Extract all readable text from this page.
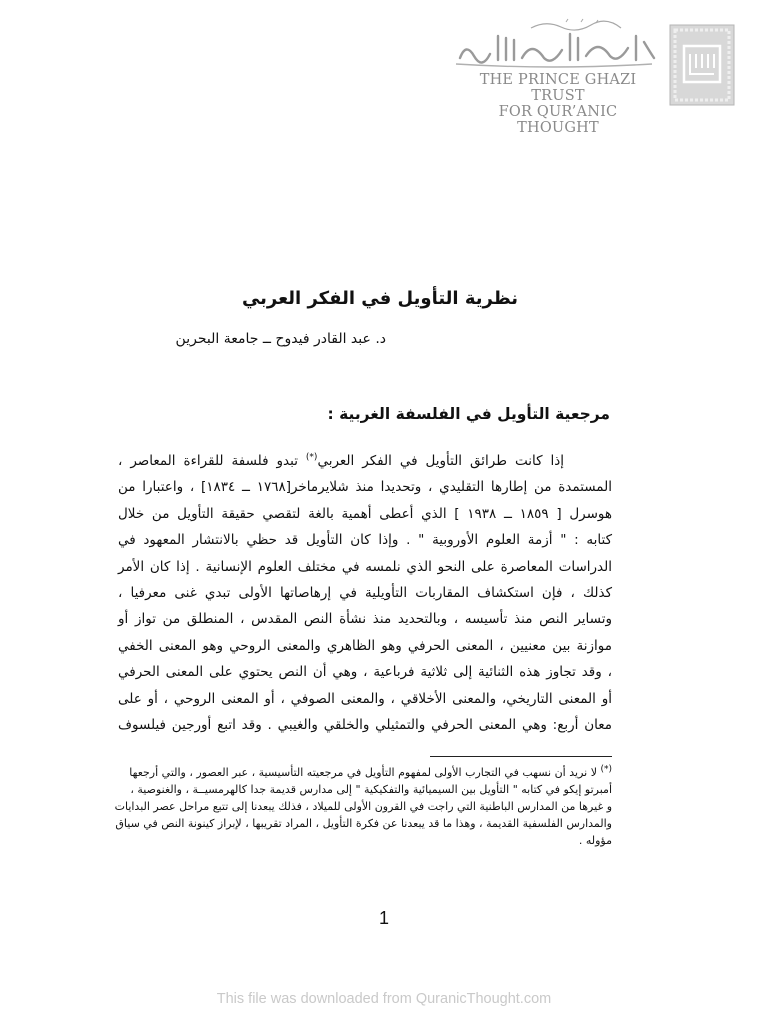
THE PRINCE GHAZI TRUST
FOR QUR’ANIC THOUGHT
نظرية التأويل في الفكر العربي
د. عبد القادر فيدوح ــ جامعة البحرين
مرجعية التأويل في الفلسفة الغربية :
إذا كانت طرائق التأويل في الفكر العربي(*) تبدو فلسفة للقراءة المعاصر ،
المستمدة من إطارها التقليدي ، وتحديدا منذ شلايرماخر[١٧٦٨ ــ ١٨٣٤] ، واعتبارا من
هوسرل [ ١٨٥٩ ــ ١٩٣٨ ] الذي أعطى أهمية بالغة لتقصي حقيقة التأويل من خلال
كتابه : " أزمة العلوم الأوروبية " . وإذا كان التأويل قد حظي بالانتشار المعهود في
الدراسات المعاصرة على النحو الذي نلمسه في مختلف العلوم الإنسانية . إذا كان الأمر
كذلك ، فإن استكشاف المقاربات التأويلية في إرهاصاتها الأولى تبدي غنى معرفيا ،
وتساير النص منذ تأسيسه ، وبالتحديد منذ نشأة النص المقدس ، المنطلق من تواز أو
موازنة بين معنيين ، المعنى الحرفي وهو الظاهري والمعنى الروحي وهو المعنى الخفي
، وقد تجاوز هذه الثنائية إلى ثلاثية فرباعية ، وهي أن النص يحتوي على المعنى الحرفي
أو المعنى التاريخي، والمعنى الأخلاقي ، والمعنى الصوفي ، أو المعنى الروحي ، أو على
معان أربع: وهي المعنى الحرفي والتمثيلي والخلقي والغيبي . وقد اتبع أورجين فيلسوف
(*) لا نريد أن نسهب في التجارب الأولى لمفهوم التأويل في مرجعيته التأسيسية ، عبر العصور ، والتي أرجعها
أمبرتو إيكو في كتابه " التأويل بين السيميائية والتفكيكية " إلى مدارس قديمة جدا كالهرمسيــة ، والغنوصية ،
و غيرها من المدارس الباطنية التي راجت في القرون الأولى للميلاد ، فذلك يبعدنا إلى تتبع مراحل عصر البدايات
والمدارس الفلسفية القديمة ، وهذا ما قد يبعدنا عن فكرة التأويل ، المراد تقريبها ، لإبراز كينونة النص في سياق
مؤوله .
1
This file was downloaded from QuranicThought.com
